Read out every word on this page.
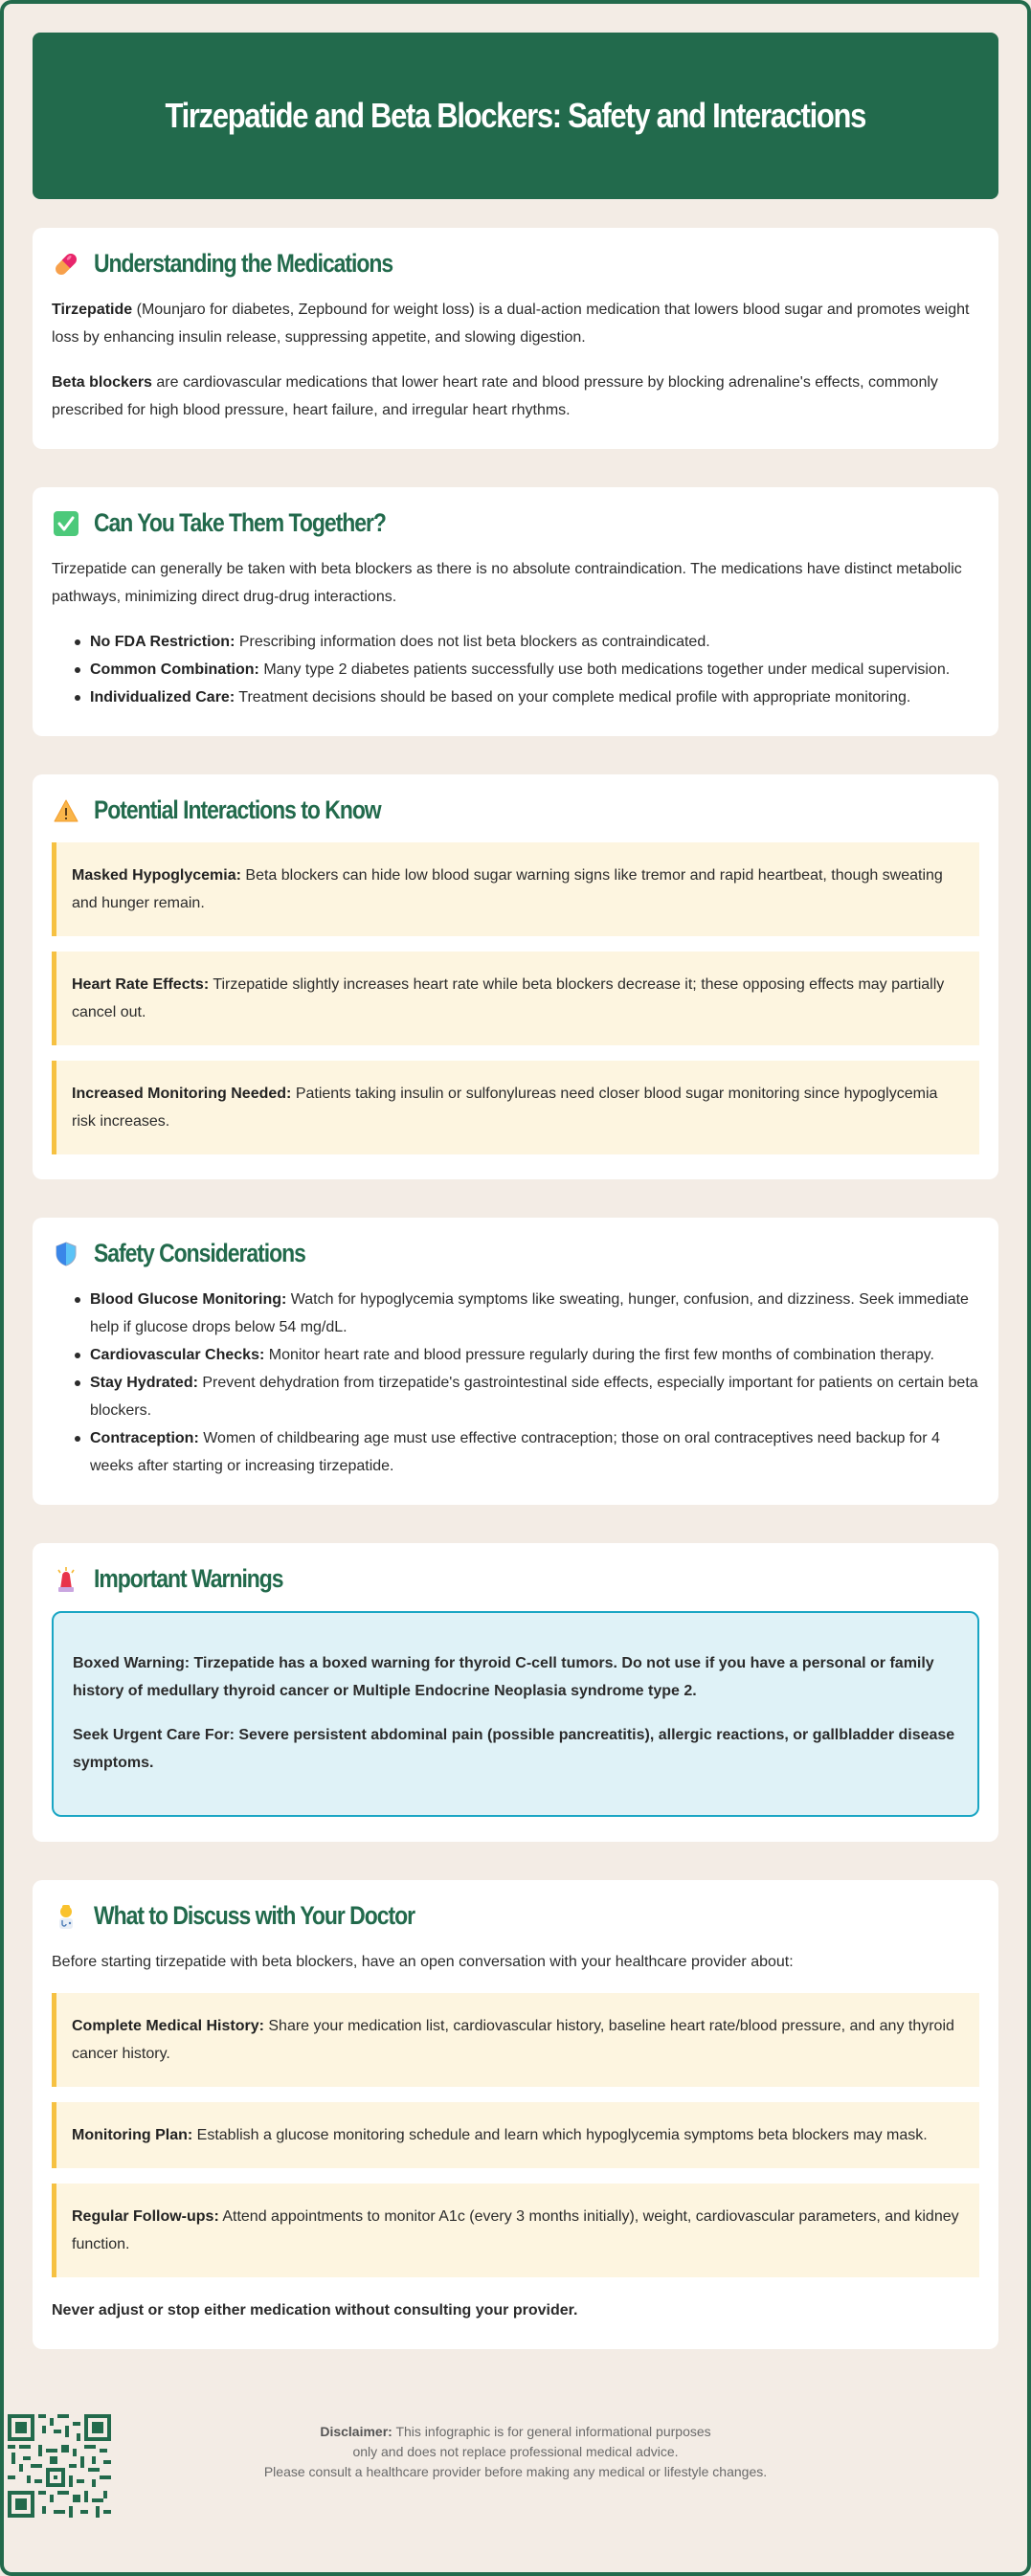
Tirzepatide and Beta Blockers: Safety and Interactions
Understanding the Medications

Tirzepatide (Mounjaro for diabetes, Zepbound for weight loss) is a dual-action medication that lowers blood sugar and promotes weight loss by enhancing insulin release, suppressing appetite, and slowing digestion.

Beta blockers are cardiovascular medications that lower heart rate and blood pressure by blocking adrenaline's effects, commonly prescribed for high blood pressure, heart failure, and irregular heart rhythms.

Can You Take Them Together?

Tirzepatide can generally be taken with beta blockers as there is no absolute contraindication. The medications have distinct metabolic pathways, minimizing direct drug-drug interactions.

No FDA Restriction: Prescribing information does not list beta blockers as contraindicated.
Common Combination: Many type 2 diabetes patients successfully use both medications together under medical supervision.
Individualized Care: Treatment decisions should be based on your complete medical profile with appropriate monitoring.
Potential Interactions to Know
Masked Hypoglycemia: Beta blockers can hide low blood sugar warning signs like tremor and rapid heartbeat, though sweating and hunger remain.
Heart Rate Effects: Tirzepatide slightly increases heart rate while beta blockers decrease it; these opposing effects may partially cancel out.
Increased Monitoring Needed: Patients taking insulin or sulfonylureas need closer blood sugar monitoring since hypoglycemia risk increases.
Safety Considerations
Blood Glucose Monitoring: Watch for hypoglycemia symptoms like sweating, hunger, confusion, and dizziness. Seek immediate help if glucose drops below 54 mg/dL.
Cardiovascular Checks: Monitor heart rate and blood pressure regularly during the first few months of combination therapy.
Stay Hydrated: Prevent dehydration from tirzepatide's gastrointestinal side effects, especially important for patients on certain beta blockers.
Contraception: Women of childbearing age must use effective contraception; those on oral contraceptives need backup for 4 weeks after starting or increasing tirzepatide.
Important Warnings

Boxed Warning: Tirzepatide has a boxed warning for thyroid C-cell tumors. Do not use if you have a personal or family history of medullary thyroid cancer or Multiple Endocrine Neoplasia syndrome type 2.

Seek Urgent Care For: Severe persistent abdominal pain (possible pancreatitis), allergic reactions, or gallbladder disease symptoms.

What to Discuss with Your Doctor

Before starting tirzepatide with beta blockers, have an open conversation with your healthcare provider about:

Complete Medical History: Share your medication list, cardiovascular history, baseline heart rate/blood pressure, and any thyroid cancer history.
Monitoring Plan: Establish a glucose monitoring schedule and learn which hypoglycemia symptoms beta blockers may mask.
Regular Follow-ups: Attend appointments to monitor A1c (every 3 months initially), weight, cardiovascular parameters, and kidney function.

Never adjust or stop either medication without consulting your provider.

Disclaimer: This infographic is for general informational purposes
only and does not replace professional medical advice.
Please consult a healthcare provider before making any medical or lifestyle changes.
